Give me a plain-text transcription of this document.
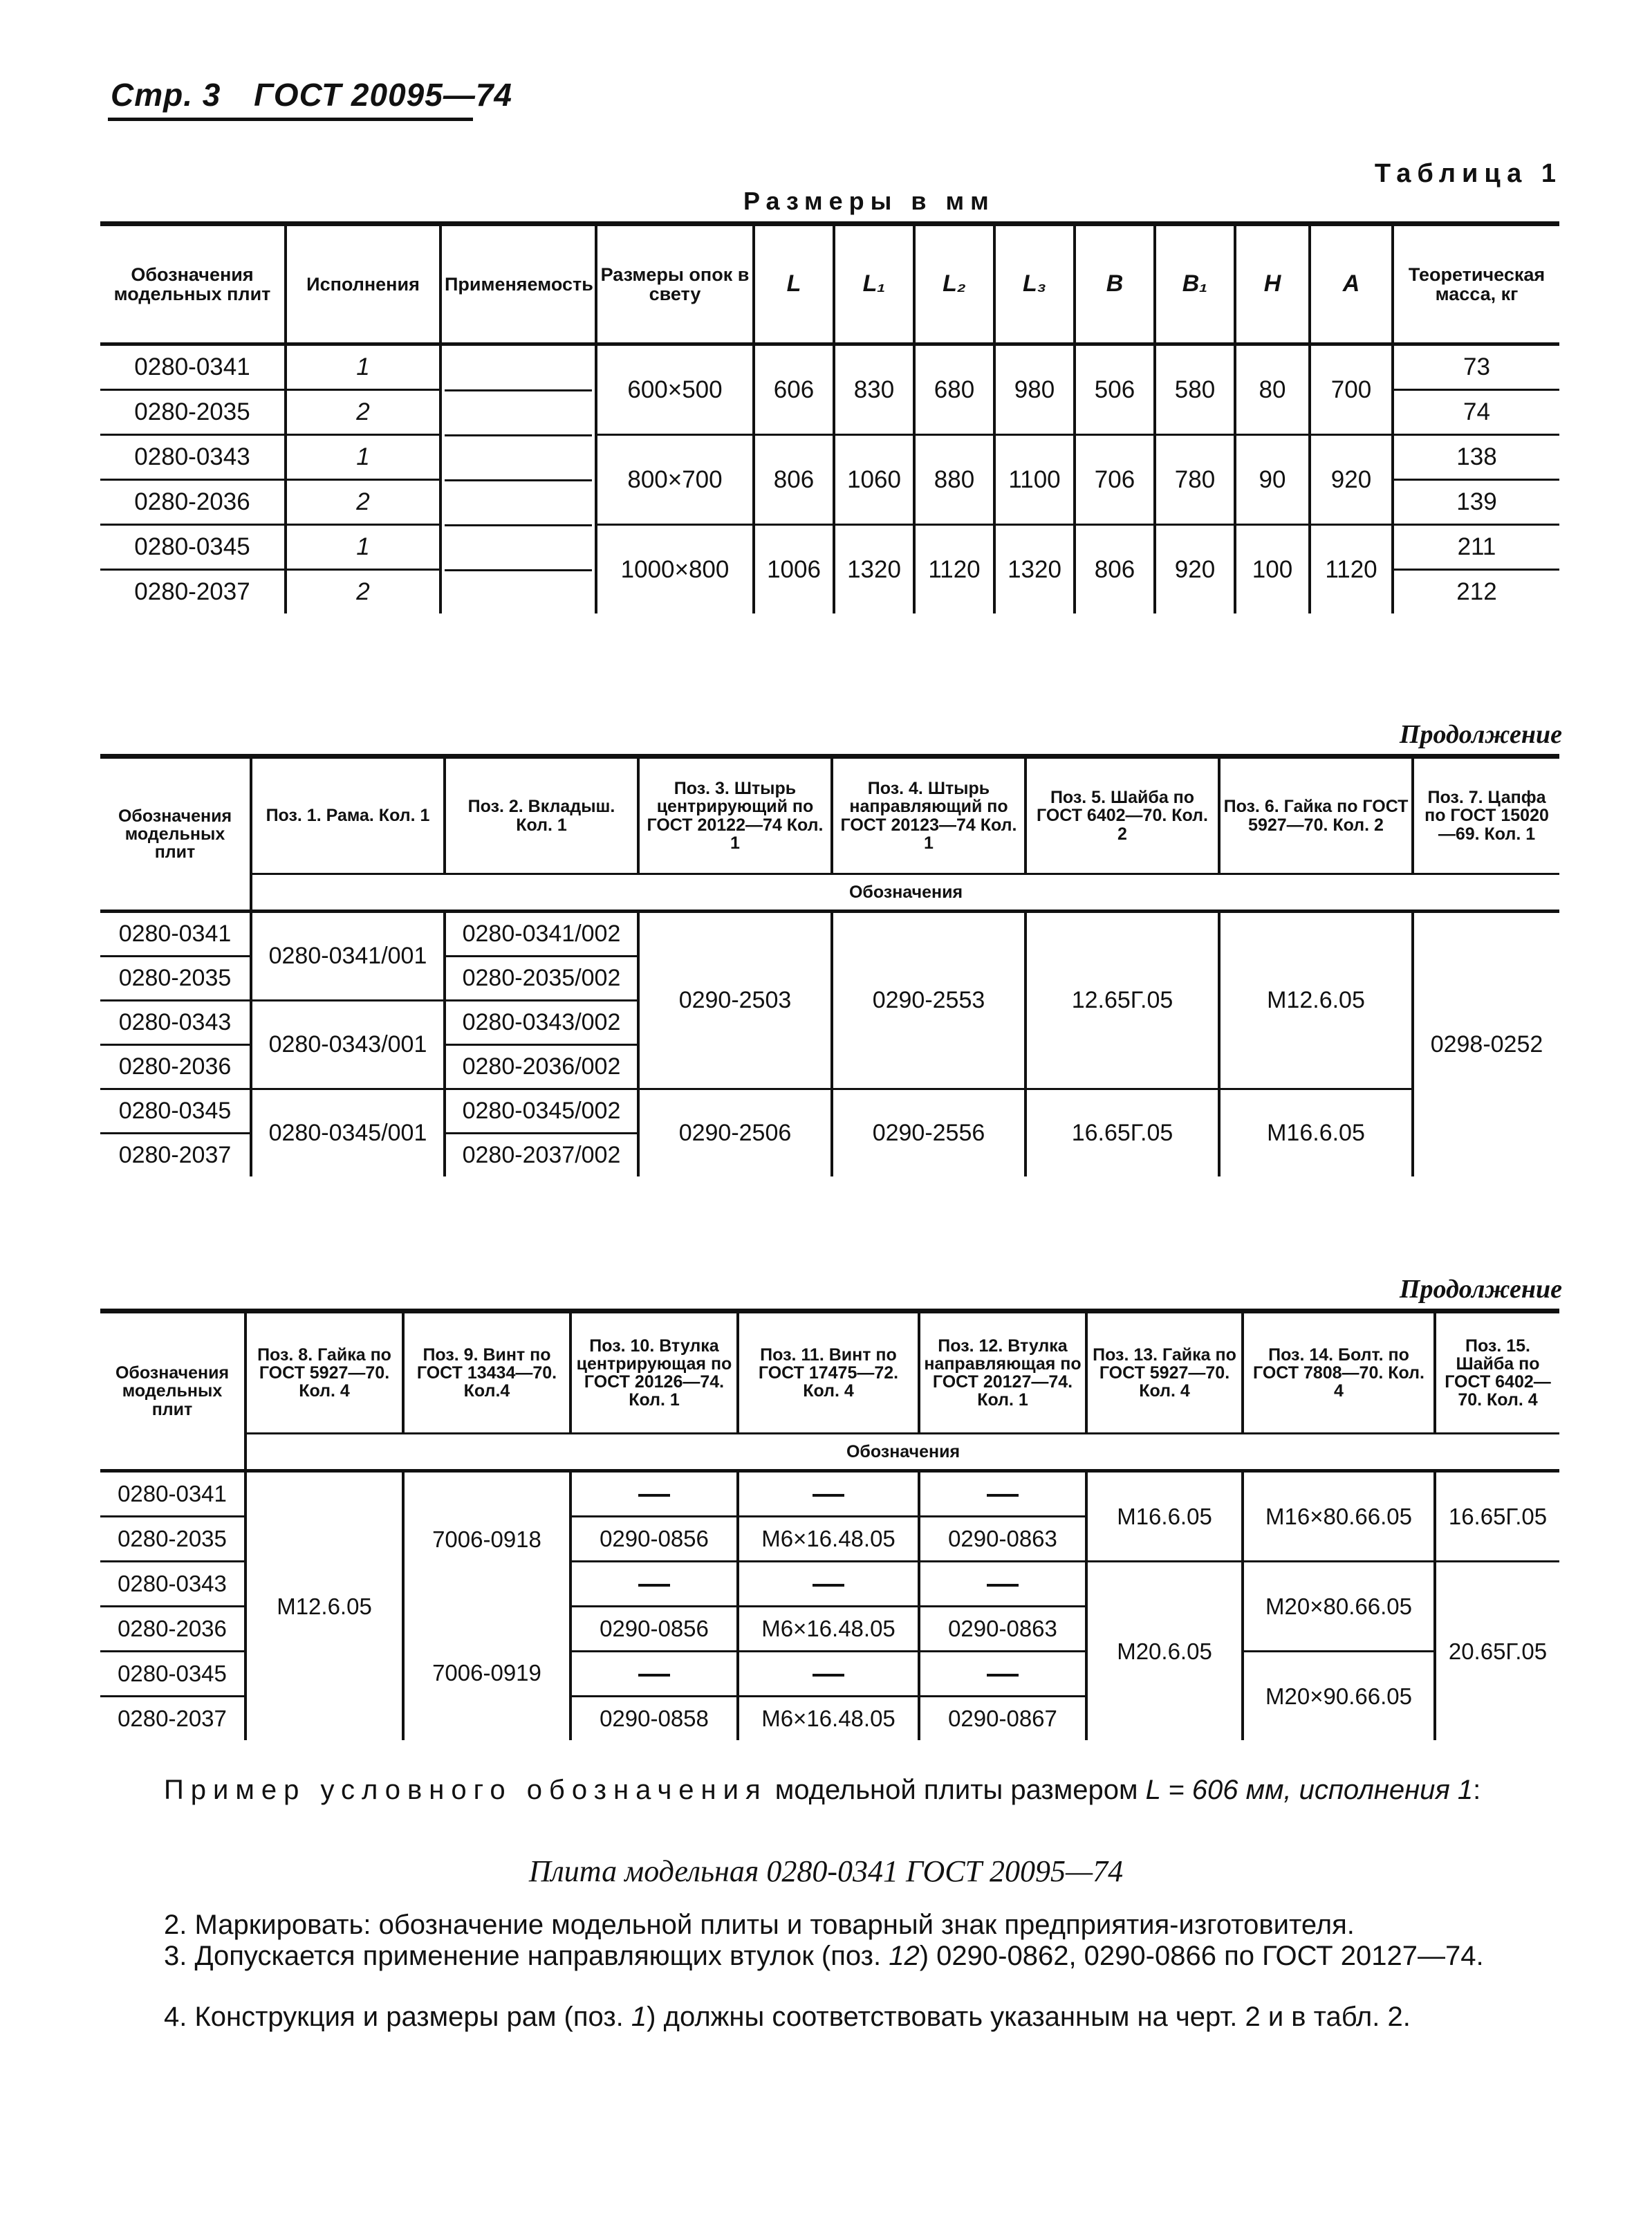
Стр. 3 ГОСТ 20095—74
Таблица 1
Размеры в мм
Обозначения модельных плит	Исполнения	Применяемость	Размеры опок в свету	L	L₁	L₂	L₃	B	B₁	H	A	Теоретическая масса, кг
0280-0341	1		600×500	606	830	680	980	506	580	80	700	73
0280-2035	2											74
0280-0343	1		800×700	806	1060	880	1100	706	780	90	920	138
0280-2036	2											139
0280-0345	1		1000×800	1006	1320	1120	1320	806	920	100	1120	211
0280-2037	2											212
Продолжение
Обозначения модельных плит	Поз. 1. Рама. Кол. 1	Поз. 2. Вкладыш. Кол. 1	Поз. 3. Штырь центрирующий по ГОСТ 20122—74 Кол. 1	Поз. 4. Штырь направляющий по ГОСТ 20123—74 Кол. 1	Поз. 5. Шайба по ГОСТ 6402—70. Кол. 2	Поз. 6. Гайка по ГОСТ 5927—70. Кол. 2	Поз. 7. Цапфа по ГОСТ 15020—69. Кол. 1
	Обозначения						
0280-0341	0280-0341/001	0280-0341/002	0290-2503	0290-2553	12.65Г.05	M12.6.05	0298-0252
0280-2035		0280-2035/002					
0280-0343	0280-0343/001	0280-0343/002					
0280-2036		0280-2036/002					
0280-0345	0280-0345/001	0280-0345/002	0290-2506	0290-2556	16.65Г.05	M16.6.05	
0280-2037		0280-2037/002					
Продолжение
Обозначения модельных плит	Поз. 8. Гайка по ГОСТ 5927—70. Кол. 4	Поз. 9. Винт по ГОСТ 13434—70. Кол.4	Поз. 10. Втулка центрирующая по ГОСТ 20126—74. Кол. 1	Поз. 11. Винт по ГОСТ 17475—72. Кол. 4	Поз. 12. Втулка направляющая по ГОСТ 20127—74. Кол. 1	Поз. 13. Гайка по ГОСТ 5927—70. Кол. 4	Поз. 14. Болт. по ГОСТ 7808—70. Кол. 4	Поз. 15. Шайба по ГОСТ 6402—70. Кол. 4
	Обозначения							
0280-0341	M12.6.05	7006-0918				M16.6.05	M16×80.66.05	16.65Г.05
0280-2035			0290-0856	M6×16.48.05	0290-0863			
0280-0343						M20.6.05	M20×80.66.05	20.65Г.05
0280-2036		7006-0919	0290-0856	M6×16.48.05	0290-0863			
0280-0345							M20×90.66.05	
0280-2037			0290-0858	M6×16.48.05	0290-0867			
Пример условного обозначения модельной плиты размером L = 606 мм, исполнения 1:
Плита модельная 0280-0341 ГОСТ 20095—74
2. Маркировать: обозначение модельной плиты и товарный знак предприятия-изготовителя.
3. Допускается применение направляющих втулок (поз. 12) 0290-0862, 0290-0866 по ГОСТ 20127—74.
4. Конструкция и размеры рам (поз. 1) должны соответствовать указанным на черт. 2 и в табл. 2.
